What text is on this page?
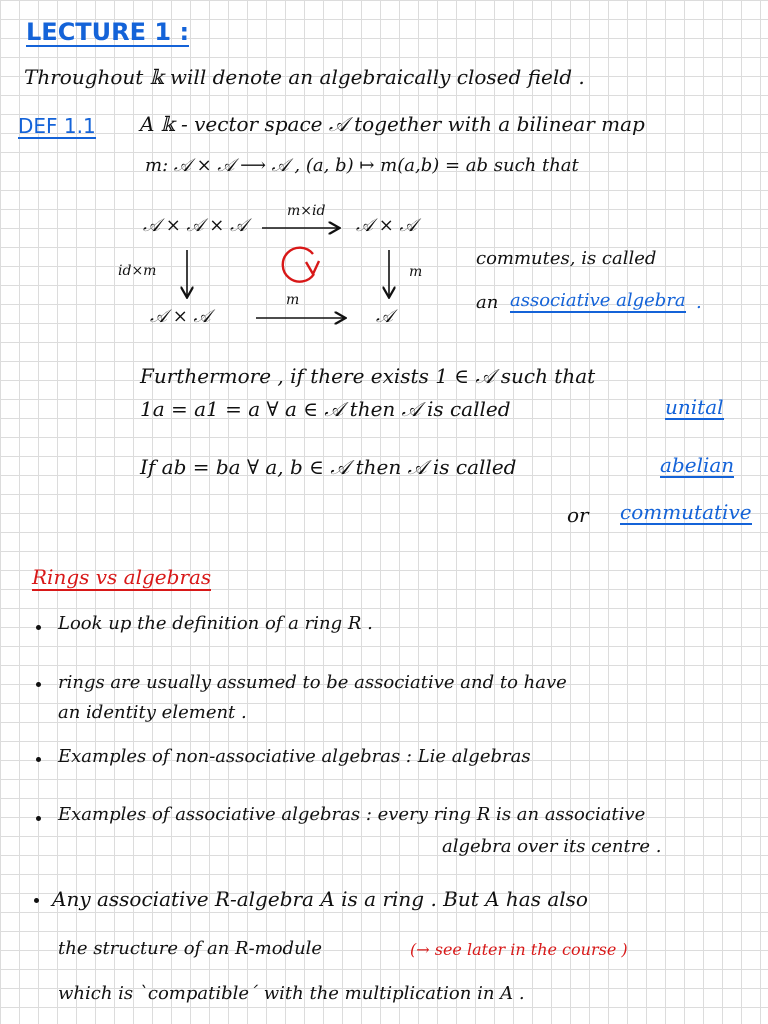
LECTURE 1 :
Throughout 𝕜 will denote an algebraically closed field .
DEF 1.1 A 𝕜 - vector space 𝒜 together with a bilinear map
m: 𝒜 × 𝒜 ⟶ 𝒜 , (a, b) ↦ m(a,b) = ab such that
𝒜 × 𝒜 × 𝒜	𝒜 × 𝒜
𝒜 × 𝒜	𝒜
m×id
id×m	m
m
commutes, is called
an associative algebra .
Furthermore , if there exists 1 ∈ 𝒜 such that
1a = a1 = a ∀ a ∈ 𝒜 then 𝒜 is called	unital
If ab = ba ∀ a, b ∈ 𝒜 then 𝒜 is called	abelian
or commutative
Rings vs algebras
Look up the definition of a ring R .
rings are usually assumed to be associative and to have
an identity element .
Examples of non-associative algebras : Lie algebras
Examples of associative algebras : every ring R is an associative
algebra over its centre .
Any associative R-algebra A is a ring . But A has also
the structure of an R-module	(→ see later in the course )
which is `compatible´ with the multiplication in A .
